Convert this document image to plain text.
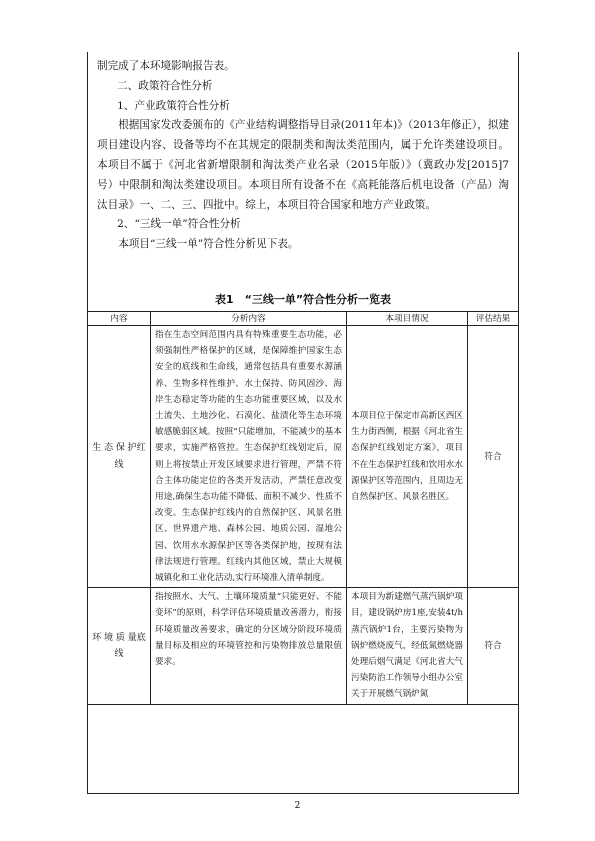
制完成了本环境影响报告表。

二、政策符合性分析

1、产业政策符合性分析

根据国家发改委颁布的《产业结构调整指导目录(2011年本)》（2013年修正），拟建项目建设内容、设备等均不在其规定的限制类和淘汰类范围内，属于允许类建设项目。本项目不属于《河北省新增限制和淘汰类产业名录（2015年版）》（冀政办发[2015]7号）中限制和淘汰类建设项目。本项目所有设备不在《高耗能落后机电设备（产品）淘汰目录》一、二、三、四批中。综上，本项目符合国家和地方产业政策。

2、“三线一单”符合性分析

本项目“三线一单”符合性分析见下表。

表1　“三线一单”符合性分析一览表
内容	分析内容	本项目情况	评估结果
生 态 保 护红线	指在生态空间范围内具有特殊重要生态功能，必须强制性严格保护的区域，是保障维护国家生态安全的底线和生命线，通常包括具有重要水源涵养、生物多样性维护、水土保持、防风固沙、海岸生态稳定等功能的生态功能重要区域，以及水土流失、土地沙化、石漠化、盐渍化等生态环境敏感脆弱区域。按照“只能增加，不能减少的基本要求，实施严格管控。生态保护红线划定后，原则上将按禁止开发区域要求进行管理，严禁不符合主体功能定位的各类开发活动，严禁任意改变用途,确保生态功能不降低、面积不减少、性质不改变。生态保护红线内的自然保护区、风景名胜区、世界遗产地、森林公园、地质公园、湿地公园、饮用水水源保护区等各类保护地，按现有法律法规进行管理。红线内其他区域，禁止大规模城镇化和工业化活动,实行环境准入清单制度。	本项目位于保定市高新区西区生力街西侧，根据《河北省生态保护红线划定方案》，项目不在生态保护红线和饮用水水源保护区等范围内，且周边无自然保护区、风景名胜区。	符合
环 境 质 量底线	指按照水、大气、土壤环境质量“只能更好、不能变坏”的原则，科学评估环境质量改善潜力，衔接环境质量改善要求，确定的分区域分阶段环境质量目标及相应的环境管控和污染物排放总量限值要求。	本项目为新建燃气蒸汽锅炉项目，建设锅炉房1座,安装4t/h蒸汽锅炉1台，主要污染物为锅炉燃烧废气，经低氮燃烧器处理后烟气满足《河北省大气污染防治工作领导小组办公室关于开展燃气锅炉氮	符合
2
